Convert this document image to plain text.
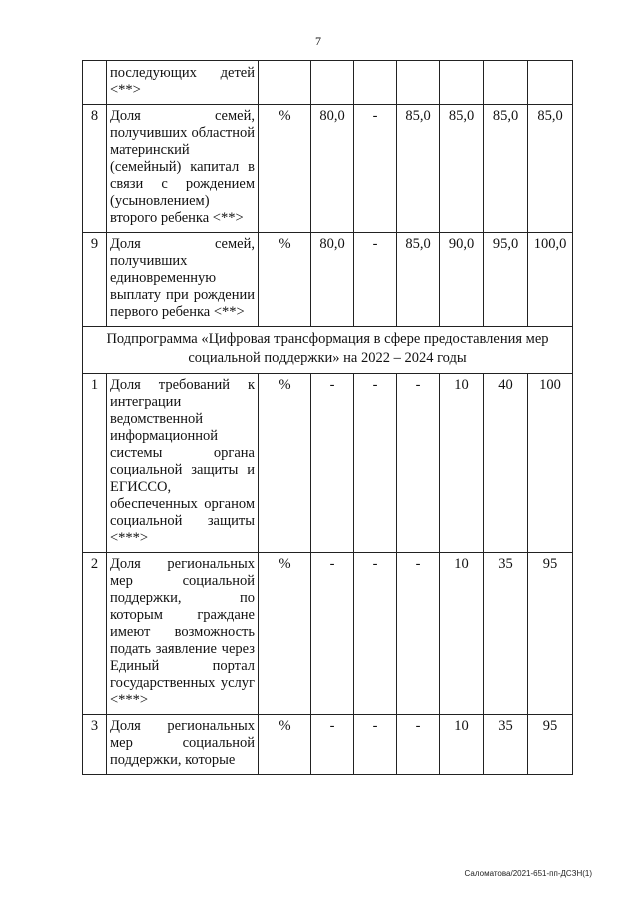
7
	последующих детей <**>							
8	Доля семей, получивших областной материнский (семейный) капитал в связи с рождением (усыновлением) второго ребенка <**>	%	80,0	-	85,0	85,0	85,0	85,0
9	Доля семей, получивших единовременную выплату при рождении первого ребенка <**>	%	80,0	-	85,0	90,0	95,0	100,0
Подпрограмма «Цифровая трансформация в сфере предоставления мер социальной поддержки» на 2022 – 2024 годы								
1	Доля требований к интеграции ведомственной информационной системы органа социальной защиты и ЕГИССО, обеспеченных органом социальной защиты <***>	%	-	-	-	10	40	100
2	Доля региональных мер социальной поддержки, по которым граждане имеют возможность подать заявление через Единый портал государственных услуг <***>	%	-	-	-	10	35	95
3	Доля региональных мер социальной поддержки, которые	%	-	-	-	10	35	95
Саломатова/2021-651-пп-ДСЗН(1)
